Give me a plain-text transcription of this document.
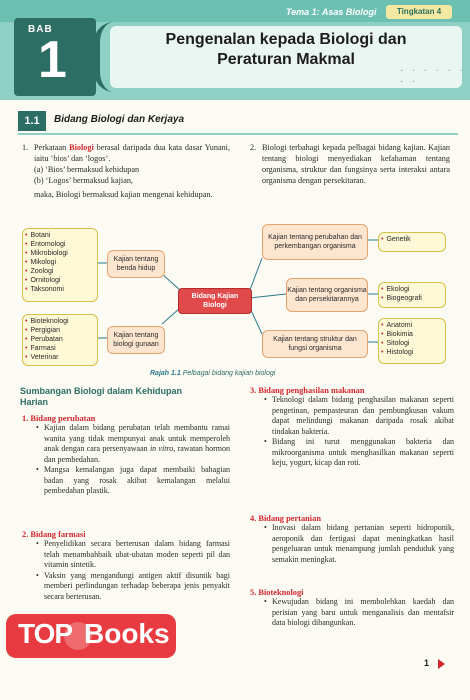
Tema 1: Asas Biologi	Tingkatan 4
BAB
1	Pengenalan kepada Biologi dan
Peraturan Makmal
· · · · · · · ·
1.1	Bidang Biologi dan Kerjaya
1. Perkataan Biologi berasal daripada dua kata dasar Yunani, iaitu ‘bios’ dan ‘logos’.
(a) ‘Bios’ bermaksud kehidupan
(b) ‘Logos’ bermaksud kajian,
maka, Biologi bermaksud kajian mengenai kehidupan.
2. Biologi terbahagi kepada pelbagai bidang kajian. Kajian tentang biologi menyediakan kefahaman tentang organisma, struktur dan fungsinya serta interaksi antara organisma dengan persekitaran.
• Botani
• Entomologi
• Mikrobiologi
• Mikologi
• Zoologi
• Ornitologi
• Taksonomi
Kajian tentang benda hidup
• Bioteknologi
• Pergigian
• Perubatan
• Farmasi
• Veterinar
Kajian tentang biologi gunaan
Bidang Kajian Biologi
Kajian tentang perubahan dan perkembangan organisma
• Genetik
Kajian tentang organisma dan persekitarannya
• Ekologi
• Biogeografi
Kajian tentang struktur dan fungsi organisma
• Anatomi
• Biokimia
• Sitologi
• Histologi
Rajah 1.1 Pelbagai bidang kajian biologi
Sumbangan Biologi dalam Kehidupan
Harian
1. Bidang perubatan
• Kajian dalam bidang perubatan telah membantu ramai wanita yang tidak mempunyai anak untuk memperoleh anak dengan cara persenyawaan in vitro, rawatan hormon dan pembedahan.
• Mangsa kemalangan juga dapat membaiki bahagian badan yang rosak akibat kemalangan melalui pembedahan plastik.
2. Bidang farmasi
• Penyelidikan secara berterusan dalam bidang farmasi telah menambahbaik ubat-ubatan moden seperti pil dan vitamin sintetik.
• Vaksin yang mengandungi antigen aktif disuntik bagi memberi perlindungan terhadap beberapa jenis penyakit secara berterusan.
3. Bidang penghasilan makanan
• Teknologi dalam bidang penghasilan makanan seperti pengetinan, pempasteuran dan pembungkusan vakum dapat melindungi makanan daripada rosak akibat tindakan bakteria.
• Bidang ini turut menggunakan bakteria dan mikroorganisma untuk menghasilkan makanan seperti keju, yogurt, kicap dan roti.
4. Bidang pertanian
• Inovasi dalam bidang pertanian seperti hidroponik, aeroponik dan fertigasi dapat meningkatkan hasil pengeluaran untuk menampung jumlah penduduk yang semakin meningkat.
5. Bioteknologi
• Kewujudan bidang ini membolehkan kaedah dan perisian yang baru untuk menganalisis dan mentafsir data biologi dibangunkan.
TOP Books
1
